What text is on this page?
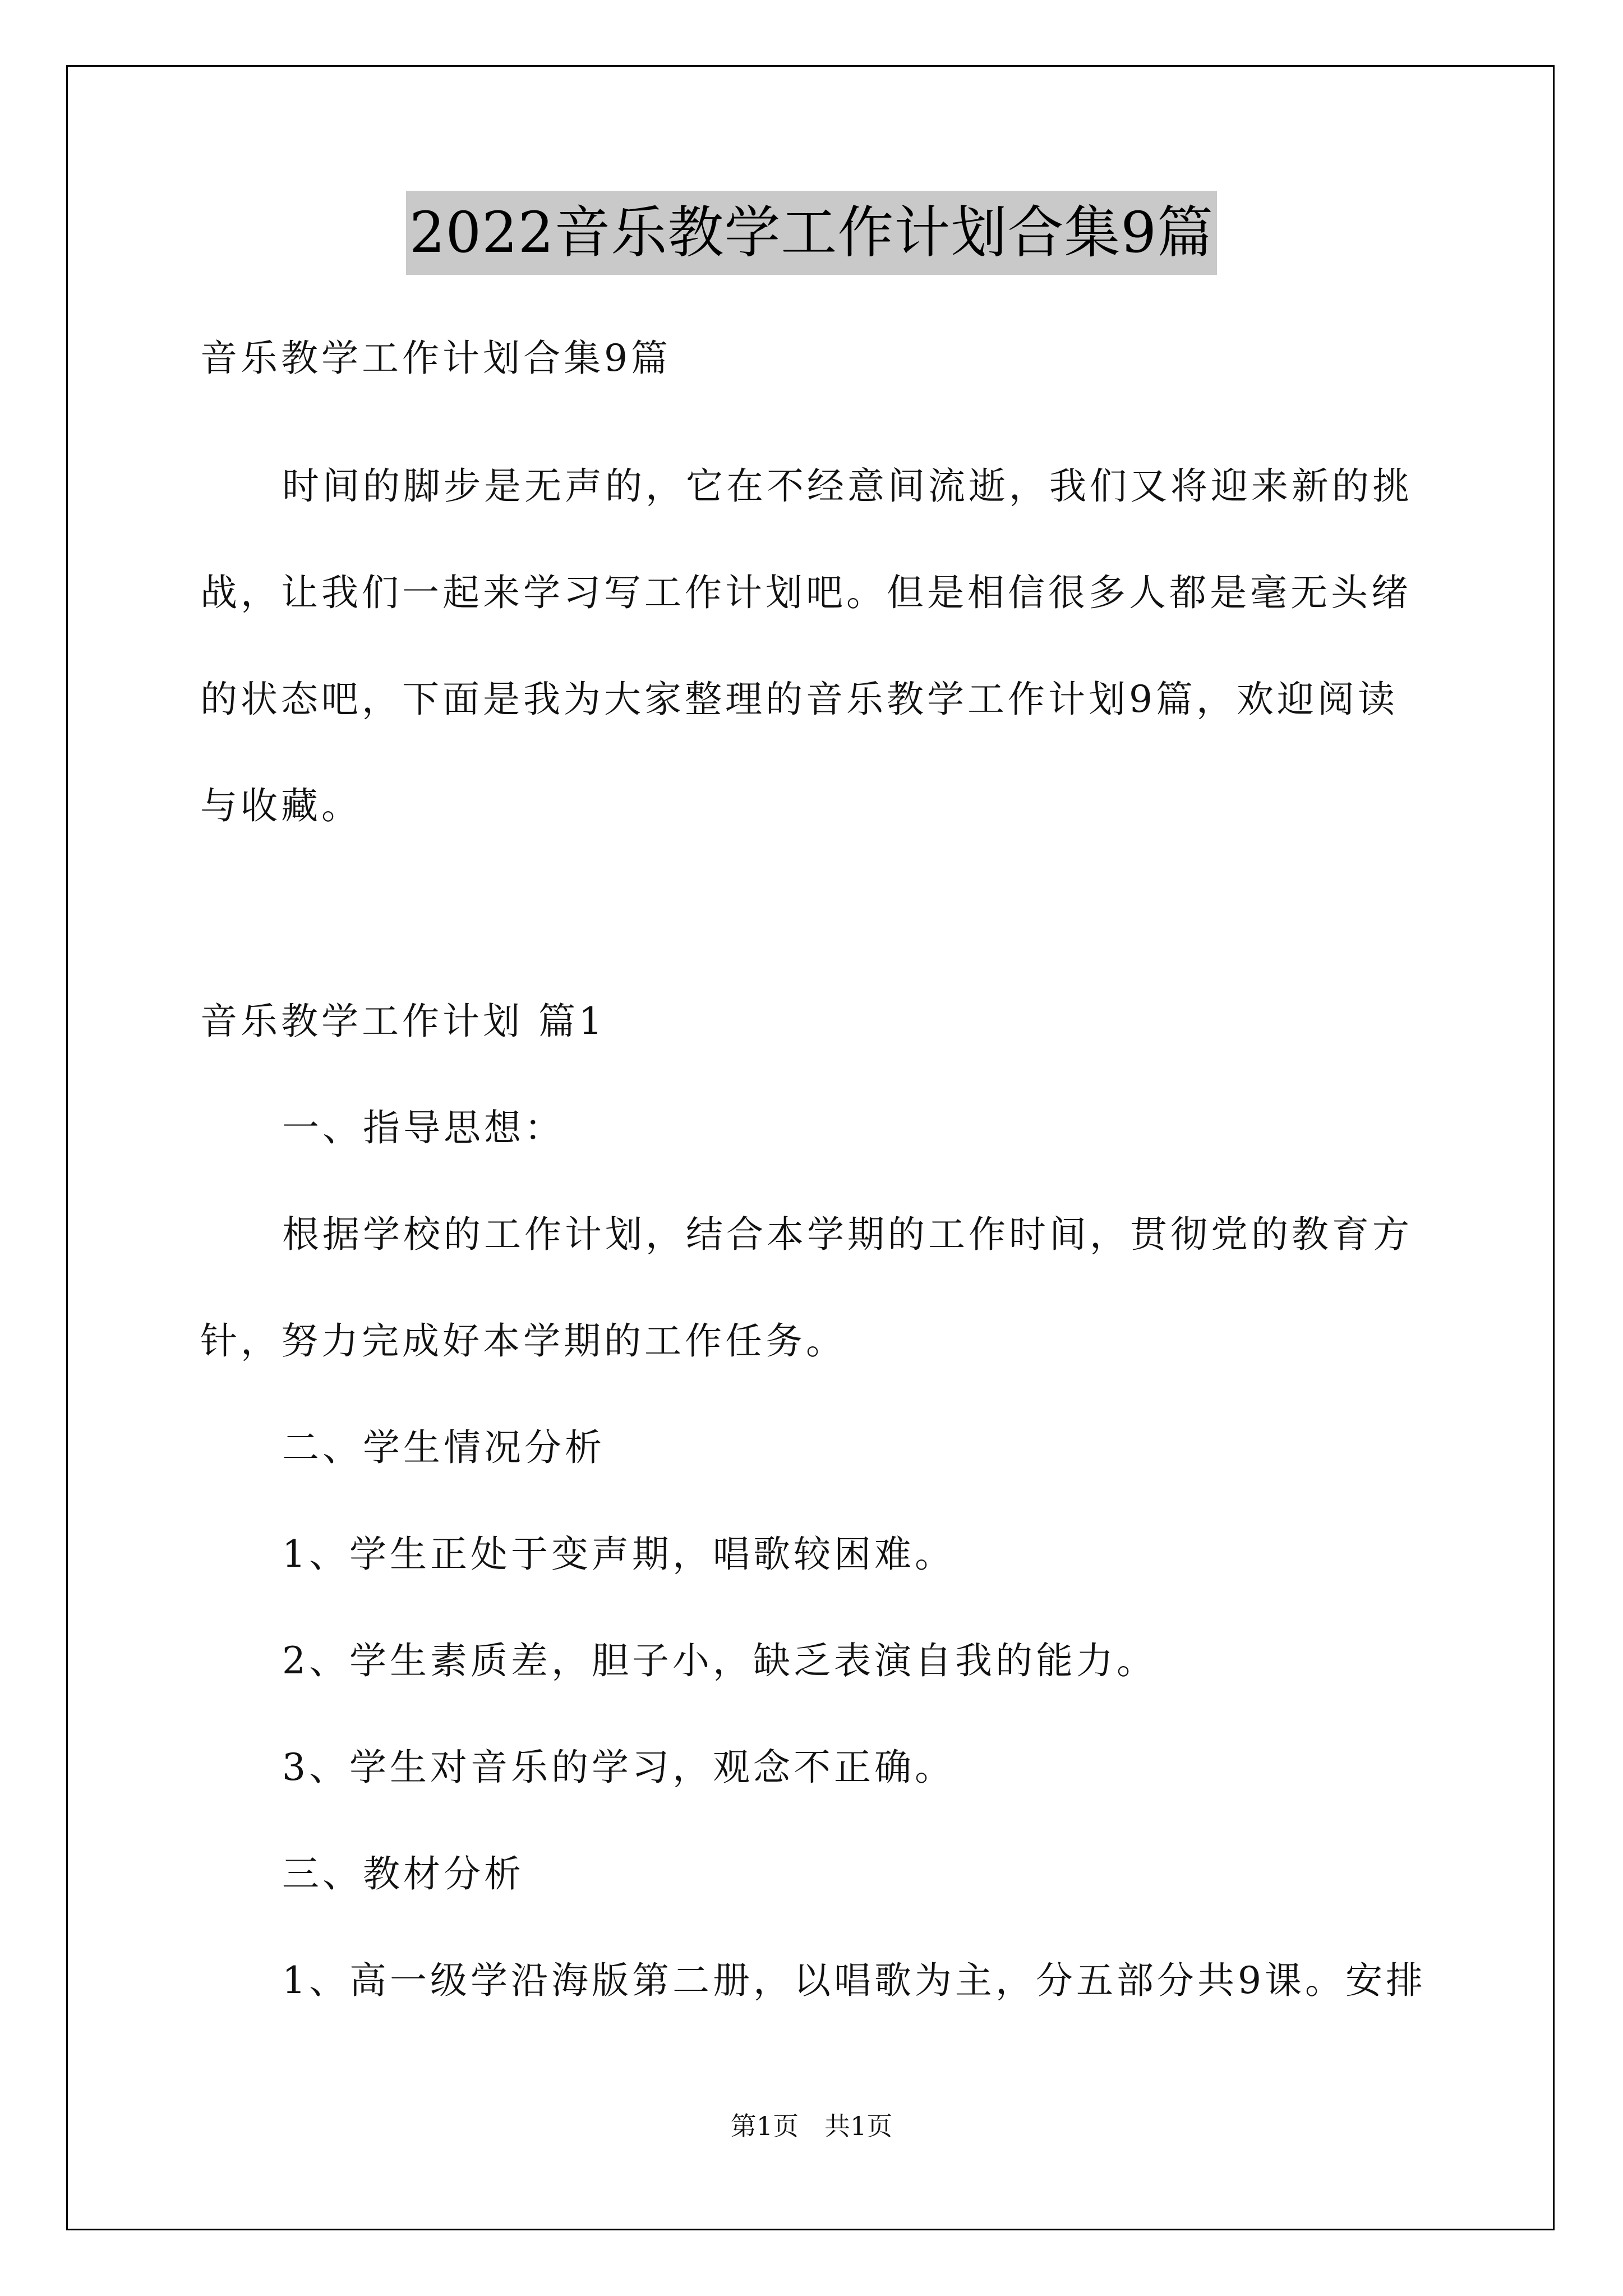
2022音乐教学工作计划合集9篇
音乐教学工作计划合集9篇
时间的脚步是无声的，它在不经意间流逝，我们又将迎来新的挑
战，让我们一起来学习写工作计划吧。但是相信很多人都是毫无头绪
的状态吧，下面是我为大家整理的音乐教学工作计划9篇，欢迎阅读
与收藏。
音乐教学工作计划 篇1
一、指导思想：
根据学校的工作计划，结合本学期的工作时间，贯彻党的教育方
针，努力完成好本学期的工作任务。
二、学生情况分析
1、学生正处于变声期，唱歌较困难。
2、学生素质差，胆子小，缺乏表演自我的能力。
3、学生对音乐的学习，观念不正确。
三、教材分析
1、高一级学沿海版第二册，以唱歌为主，分五部分共9课。安排
第1页　共1页
